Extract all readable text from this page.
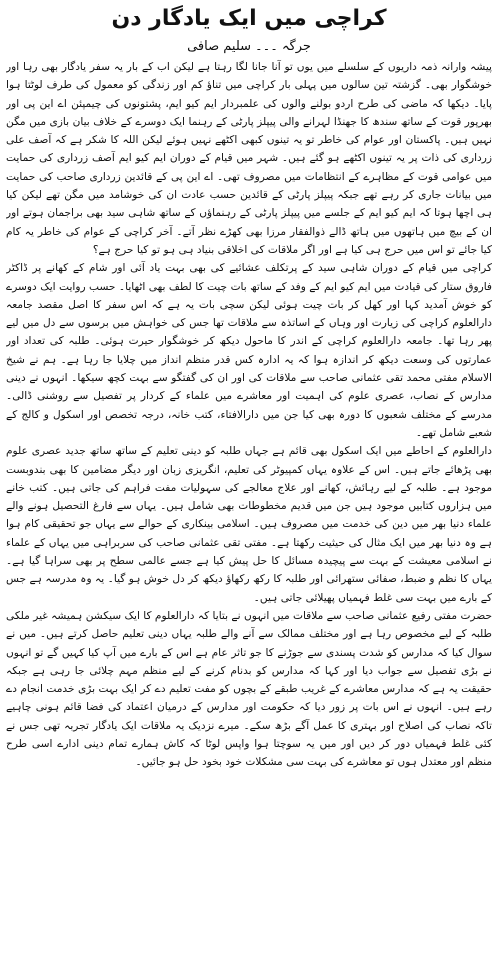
کراچی میں ایک یادگار دن
جرگہ۔۔۔سلیم صافی

پیشہ وارانہ ذمہ داریوں کے سلسلے میں یوں تو آنا جانا لگا رہتا ہے لیکن اب کے بار یہ سفر یادگار بھی رہا اور خوشگوار بھی۔ گزشتہ تین سالوں میں پہلی بار کراچی میں تناؤ کم اور زندگی کو معمول کی طرف لوٹتا ہوا پایا۔ دیکھا کہ ماضی کی طرح اردو بولنے والوں کی علمبردار ایم کیو ایم، پشتونوں کی چیمپئن اے این پی اور بھرپور قوت کے ساتھ سندھ کا جھنڈا لہرانے والی پیپلز پارٹی کے رہنما ایک دوسرے کے خلاف بیان بازی میں مگن نہیں ہیں۔ پاکستان اور عوام کی خاطر تو یہ تینوں کبھی اکٹھے نہیں ہوئے لیکن اللہ کا شکر ہے کہ آصف علی زرداری کی ذات پر یہ تینوں اکٹھے ہو گئے ہیں۔ شہر میں قیام کے دوران ایم کیو ایم آصف زرداری کی حمایت میں عوامی قوت کے مظاہرے کے انتظامات میں مصروف تھی۔ اے این پی کے قائدین زرداری صاحب کی حمایت میں بیانات جاری کر رہے تھے جبکہ پیپلز پارٹی کے قائدین حسب عادت ان کی خوشامد میں مگن تھے لیکن کیا ہی اچھا ہوتا کہ ایم کیو ایم کے جلسے میں پیپلز پارٹی کے رہنماؤں کے ساتھ شاہی سید بھی براجمان ہوتے اور ان کے بیچ میں ہاتھوں میں ہاتھ ڈالے ذوالفقار مرزا بھی کھڑے نظر آتے۔ آخر کراچی کے عوام کی خاطر یہ کام کیا جائے تو اس میں حرج ہی کیا ہے اور اگر ملاقات کی اخلاقی بنیاد ہی ہو تو کیا حرج ہے؟

کراچی میں قیام کے دوران شاہی سید کے پرتکلف عشائیے کی بھی بہت یاد آئی اور شام کے کھانے پر ڈاکٹر فاروق ستار کی قیادت میں ایم کیو ایم کے وفد کے ساتھ بات چیت کا لطف بھی اٹھایا۔ حسب روایت ایک دوسرے کو خوش آمدید کہا اور کھل کر بات چیت ہوئی لیکن سچی بات یہ ہے کہ اس سفر کا اصل مقصد جامعہ دارالعلوم کراچی کی زیارت اور وہاں کے اساتذہ سے ملاقات تھا جس کی خواہش میں برسوں سے دل میں لیے پھر رہا تھا۔ جامعہ دارالعلوم کراچی کے اندر کا ماحول دیکھ کر خوشگوار حیرت ہوئی۔ طلبہ کی تعداد اور عمارتوں کی وسعت دیکھ کر اندازہ ہوا کہ یہ ادارہ کس قدر منظم انداز میں چلایا جا رہا ہے۔ ہم نے شیخ الاسلام مفتی محمد تقی عثمانی صاحب سے ملاقات کی اور ان کی گفتگو سے بہت کچھ سیکھا۔ انہوں نے دینی مدارس کے نصاب، عصری علوم کی اہمیت اور معاشرے میں علماء کے کردار پر تفصیل سے روشنی ڈالی۔ مدرسے کے مختلف شعبوں کا دورہ بھی کیا جن میں دارالافتاء، کتب خانہ، درجہ تخصص اور اسکول و کالج کے شعبے شامل تھے۔

دارالعلوم کے احاطے میں ایک اسکول بھی قائم ہے جہاں طلبہ کو دینی تعلیم کے ساتھ ساتھ جدید عصری علوم بھی پڑھائے جاتے ہیں۔ اس کے علاوہ یہاں کمپیوٹر کی تعلیم، انگریزی زبان اور دیگر مضامین کا بھی بندوبست موجود ہے۔ طلبہ کے لیے رہائش، کھانے اور علاج معالجے کی سہولیات مفت فراہم کی جاتی ہیں۔ کتب خانے میں ہزاروں کتابیں موجود ہیں جن میں قدیم مخطوطات بھی شامل ہیں۔ یہاں سے فارغ التحصیل ہونے والے علماء دنیا بھر میں دین کی خدمت میں مصروف ہیں۔ اسلامی بینکاری کے حوالے سے یہاں جو تحقیقی کام ہوا ہے وہ دنیا بھر میں ایک مثال کی حیثیت رکھتا ہے۔ مفتی تقی عثمانی صاحب کی سربراہی میں یہاں کے علماء نے اسلامی معیشت کے بہت سے پیچیدہ مسائل کا حل پیش کیا ہے جسے عالمی سطح پر بھی سراہا گیا ہے۔ یہاں کا نظم و ضبط، صفائی ستھرائی اور طلبہ کا رکھ رکھاؤ دیکھ کر دل خوش ہو گیا۔ یہ وہ مدرسہ ہے جس کے بارے میں بہت سی غلط فہمیاں پھیلائی جاتی ہیں۔

حضرت مفتی رفیع عثمانی صاحب سے ملاقات میں انہوں نے بتایا کہ دارالعلوم کا ایک سیکشن ہمیشہ غیر ملکی طلبہ کے لیے مخصوص رہا ہے اور مختلف ممالک سے آنے والے طلبہ یہاں دینی تعلیم حاصل کرتے ہیں۔ میں نے سوال کیا کہ مدارس کو شدت پسندی سے جوڑنے کا جو تاثر عام ہے اس کے بارے میں آپ کیا کہیں گے تو انہوں نے بڑی تفصیل سے جواب دیا اور کہا کہ مدارس کو بدنام کرنے کے لیے منظم مہم چلائی جا رہی ہے جبکہ حقیقت یہ ہے کہ مدارس معاشرے کے غریب طبقے کے بچوں کو مفت تعلیم دے کر ایک بہت بڑی خدمت انجام دے رہے ہیں۔ انہوں نے اس بات پر زور دیا کہ حکومت اور مدارس کے درمیان اعتماد کی فضا قائم ہونی چاہیے تاکہ نصاب کی اصلاح اور بہتری کا عمل آگے بڑھ سکے۔ میرے نزدیک یہ ملاقات ایک یادگار تجربہ تھی جس نے کئی غلط فہمیاں دور کر دیں اور میں یہ سوچتا ہوا واپس لوٹا کہ کاش ہمارے تمام دینی ادارے اسی طرح منظم اور معتدل ہوں تو معاشرے کی بہت سی مشکلات خود بخود حل ہو جائیں۔
